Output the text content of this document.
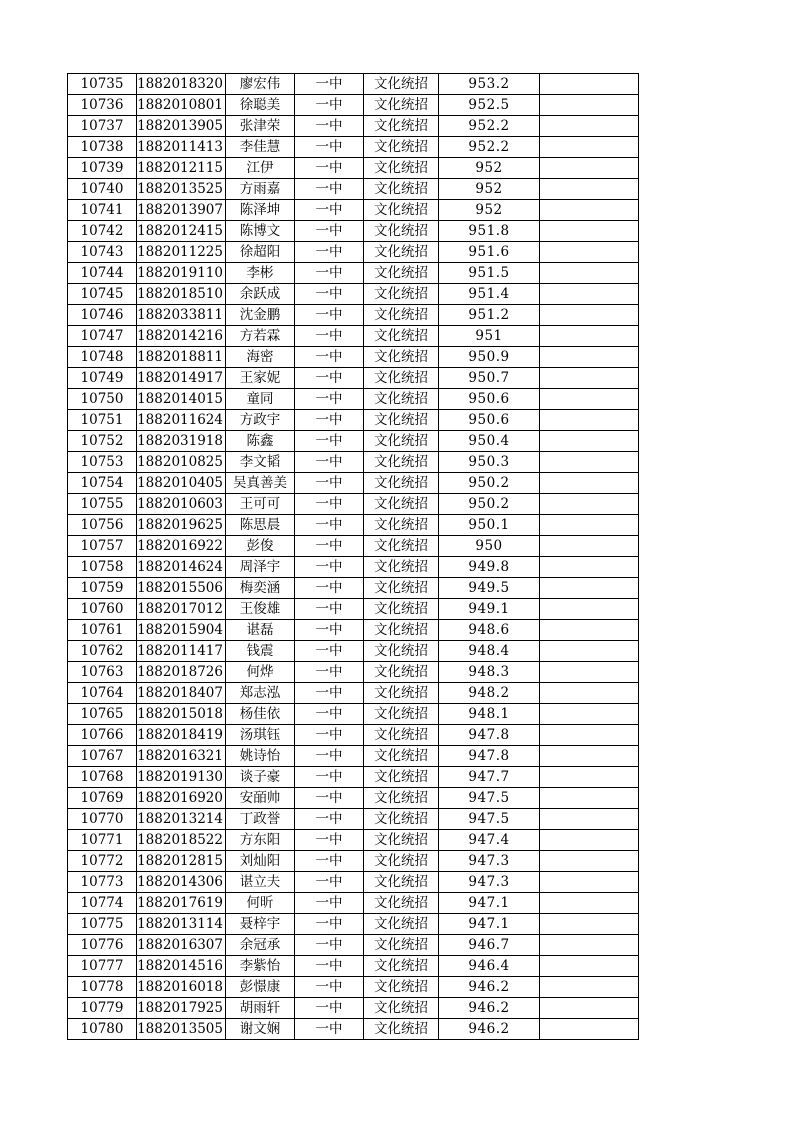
10735	1882018320	廖宏伟	一中	文化统招	953.2	
10736	1882010801	徐聪美	一中	文化统招	952.5	
10737	1882013905	张津荣	一中	文化统招	952.2	
10738	1882011413	李佳慧	一中	文化统招	952.2	
10739	1882012115	江伊	一中	文化统招	952	
10740	1882013525	方雨嘉	一中	文化统招	952	
10741	1882013907	陈泽坤	一中	文化统招	952	
10742	1882012415	陈博文	一中	文化统招	951.8	
10743	1882011225	徐超阳	一中	文化统招	951.6	
10744	1882019110	李彬	一中	文化统招	951.5	
10745	1882018510	余跃成	一中	文化统招	951.4	
10746	1882033811	沈金鹏	一中	文化统招	951.2	
10747	1882014216	方若霖	一中	文化统招	951	
10748	1882018811	海密	一中	文化统招	950.9	
10749	1882014917	王家妮	一中	文化统招	950.7	
10750	1882014015	童同	一中	文化统招	950.6	
10751	1882011624	方政宇	一中	文化统招	950.6	
10752	1882031918	陈鑫	一中	文化统招	950.4	
10753	1882010825	李文韬	一中	文化统招	950.3	
10754	1882010405	吴真善美	一中	文化统招	950.2	
10755	1882010603	王可可	一中	文化统招	950.2	
10756	1882019625	陈思晨	一中	文化统招	950.1	
10757	1882016922	彭俊	一中	文化统招	950	
10758	1882014624	周泽宇	一中	文化统招	949.8	
10759	1882015506	梅奕涵	一中	文化统招	949.5	
10760	1882017012	王俊雄	一中	文化统招	949.1	
10761	1882015904	谌磊	一中	文化统招	948.6	
10762	1882011417	钱震	一中	文化统招	948.4	
10763	1882018726	何烨	一中	文化统招	948.3	
10764	1882018407	郑志泓	一中	文化统招	948.2	
10765	1882015018	杨佳依	一中	文化统招	948.1	
10766	1882018419	汤琪钰	一中	文化统招	947.8	
10767	1882016321	姚诗怡	一中	文化统招	947.8	
10768	1882019130	谈子豪	一中	文化统招	947.7	
10769	1882016920	安皕帅	一中	文化统招	947.5	
10770	1882013214	丁政誉	一中	文化统招	947.5	
10771	1882018522	方东阳	一中	文化统招	947.4	
10772	1882012815	刘灿阳	一中	文化统招	947.3	
10773	1882014306	谌立夫	一中	文化统招	947.3	
10774	1882017619	何昕	一中	文化统招	947.1	
10775	1882013114	聂梓宇	一中	文化统招	947.1	
10776	1882016307	余冠承	一中	文化统招	946.7	
10777	1882014516	李紫怡	一中	文化统招	946.4	
10778	1882016018	彭憬康	一中	文化统招	946.2	
10779	1882017925	胡雨轩	一中	文化统招	946.2	
10780	1882013505	谢文娴	一中	文化统招	946.2	
